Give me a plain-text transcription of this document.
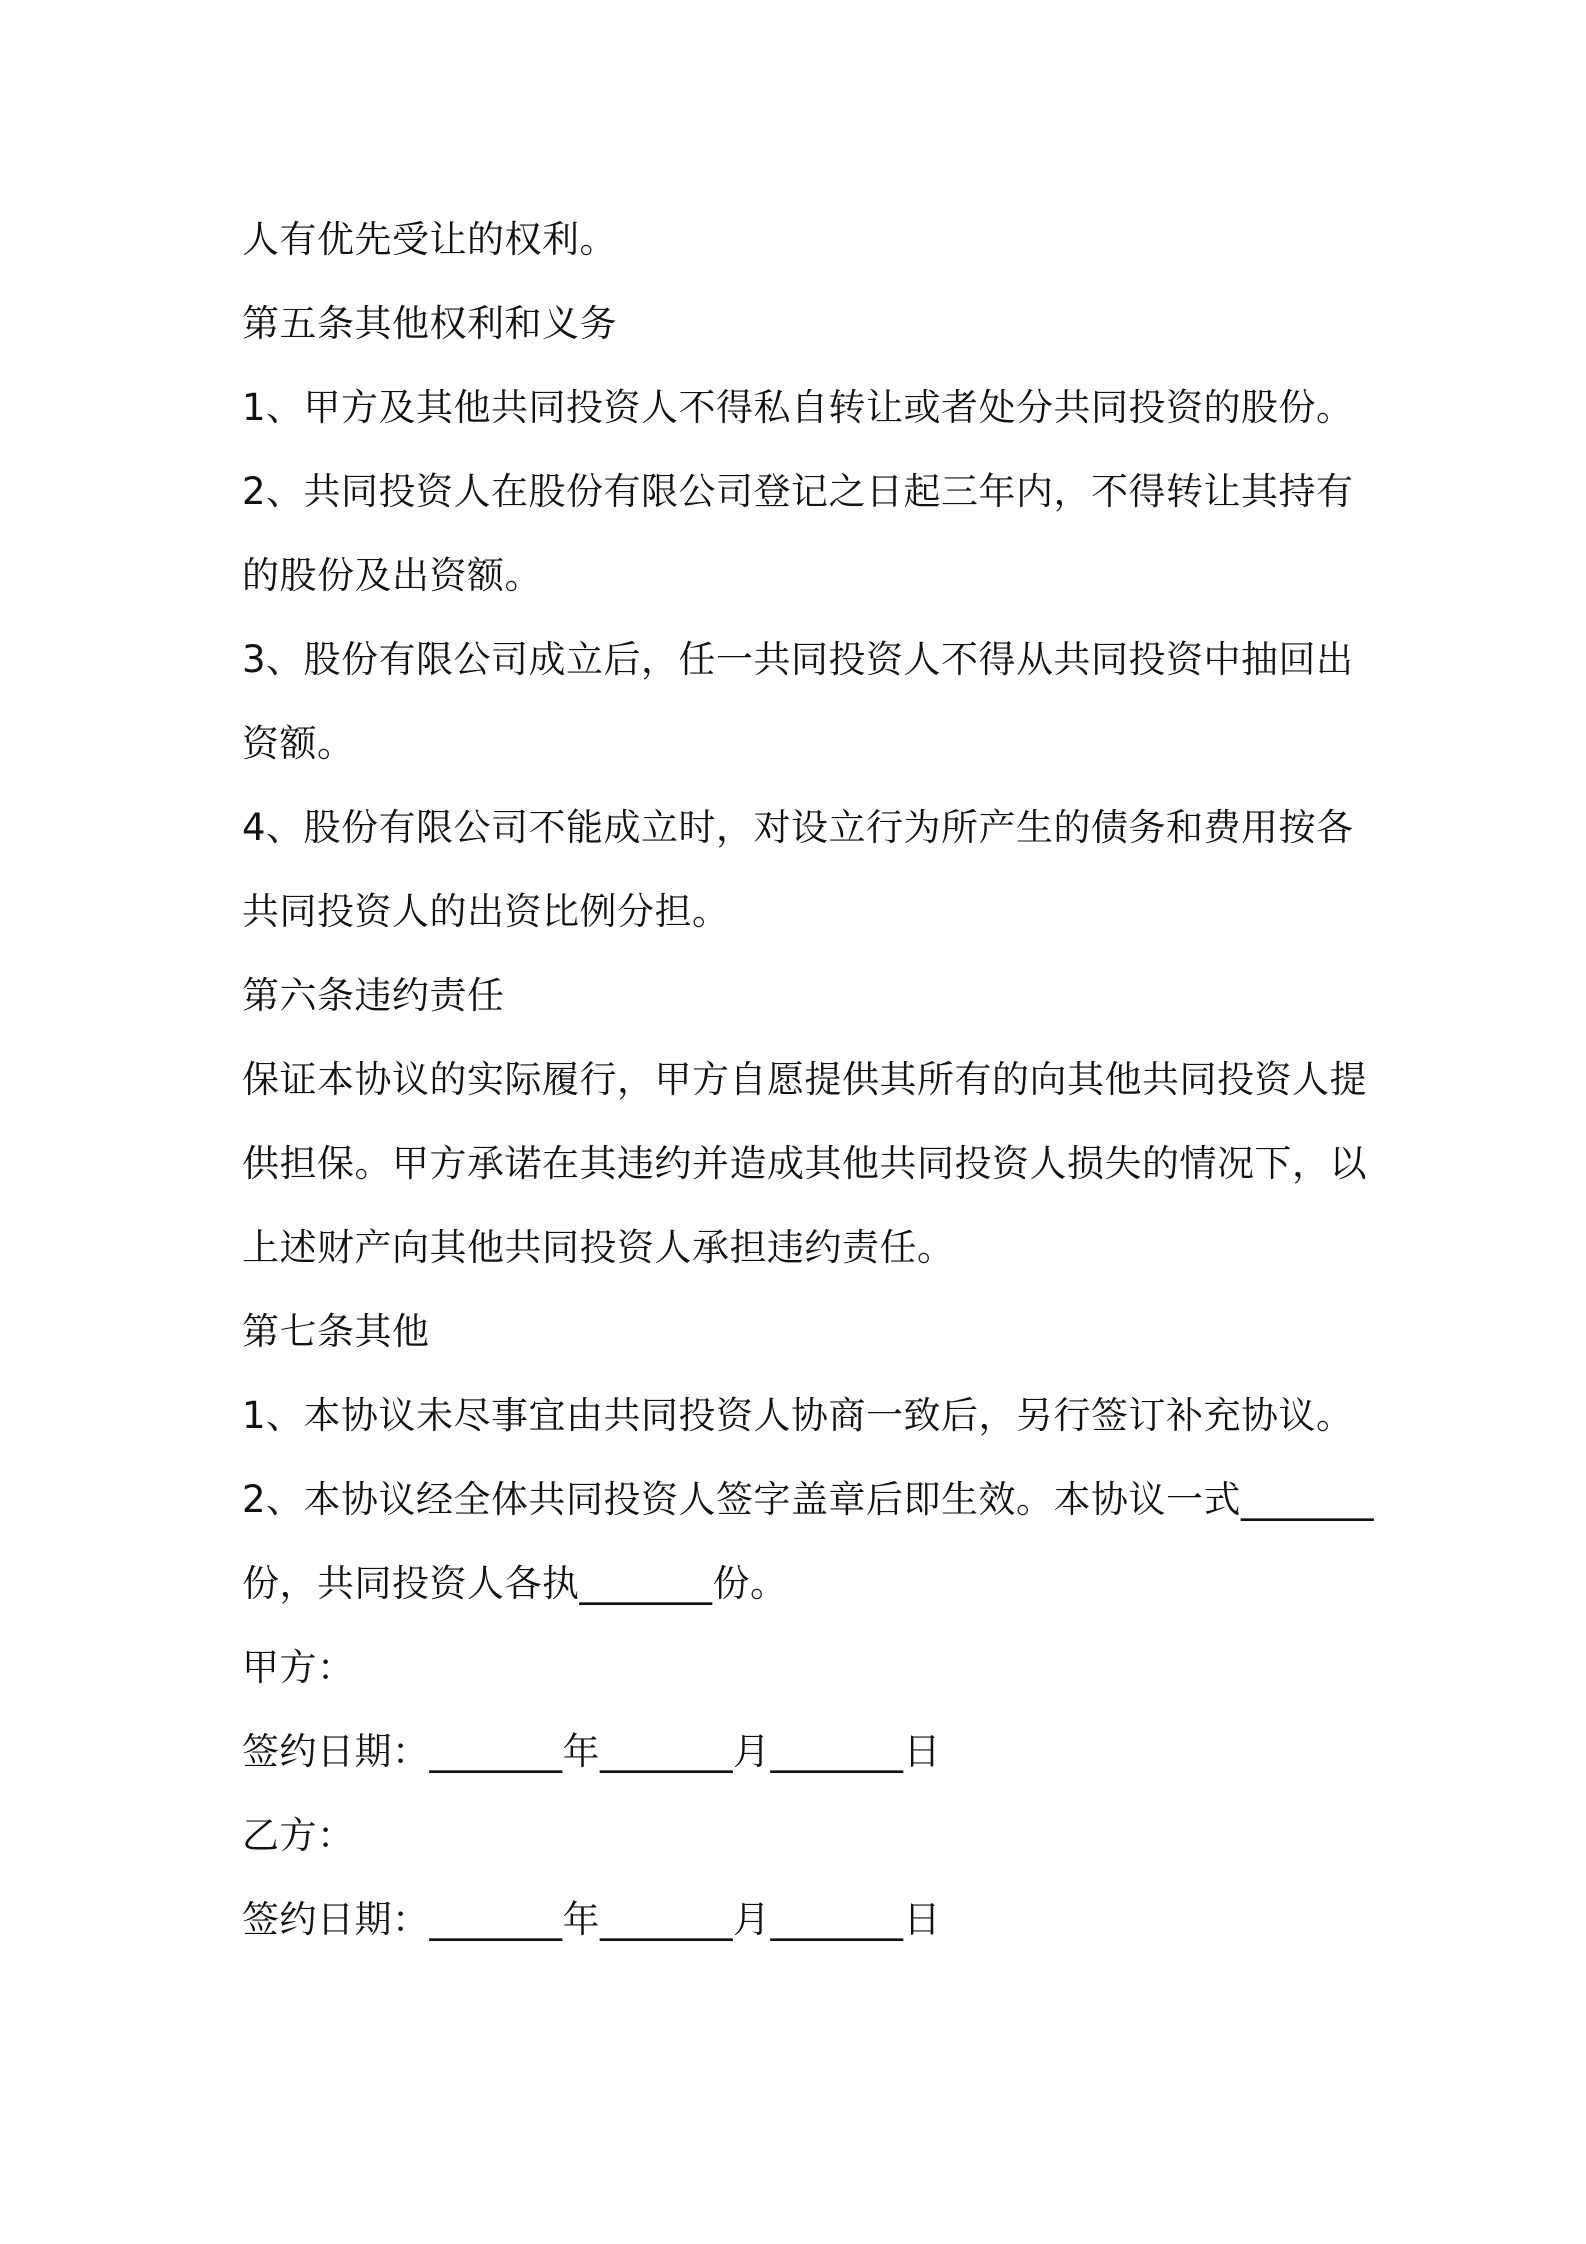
人有优先受让的权利。
第五条其他权利和义务
1、甲方及其他共同投资人不得私自转让或者处分共同投资的股份。
2、共同投资人在股份有限公司登记之日起三年内，不得转让其持有
的股份及出资额。
3、股份有限公司成立后，任一共同投资人不得从共同投资中抽回出
资额。
4、股份有限公司不能成立时，对设立行为所产生的债务和费用按各
共同投资人的出资比例分担。
第六条违约责任
保证本协议的实际履行，甲方自愿提供其所有的向其他共同投资人提
供担保。甲方承诺在其违约并造成其他共同投资人损失的情况下，以
上述财产向其他共同投资人承担违约责任。
第七条其他
1、本协议未尽事宜由共同投资人协商一致后，另行签订补充协议。
2、本协议经全体共同投资人签字盖章后即生效。本协议一式_______
份，共同投资人各执_______份。
甲方：
签约日期：_______年_______月_______日
乙方：
签约日期：_______年_______月_______日
